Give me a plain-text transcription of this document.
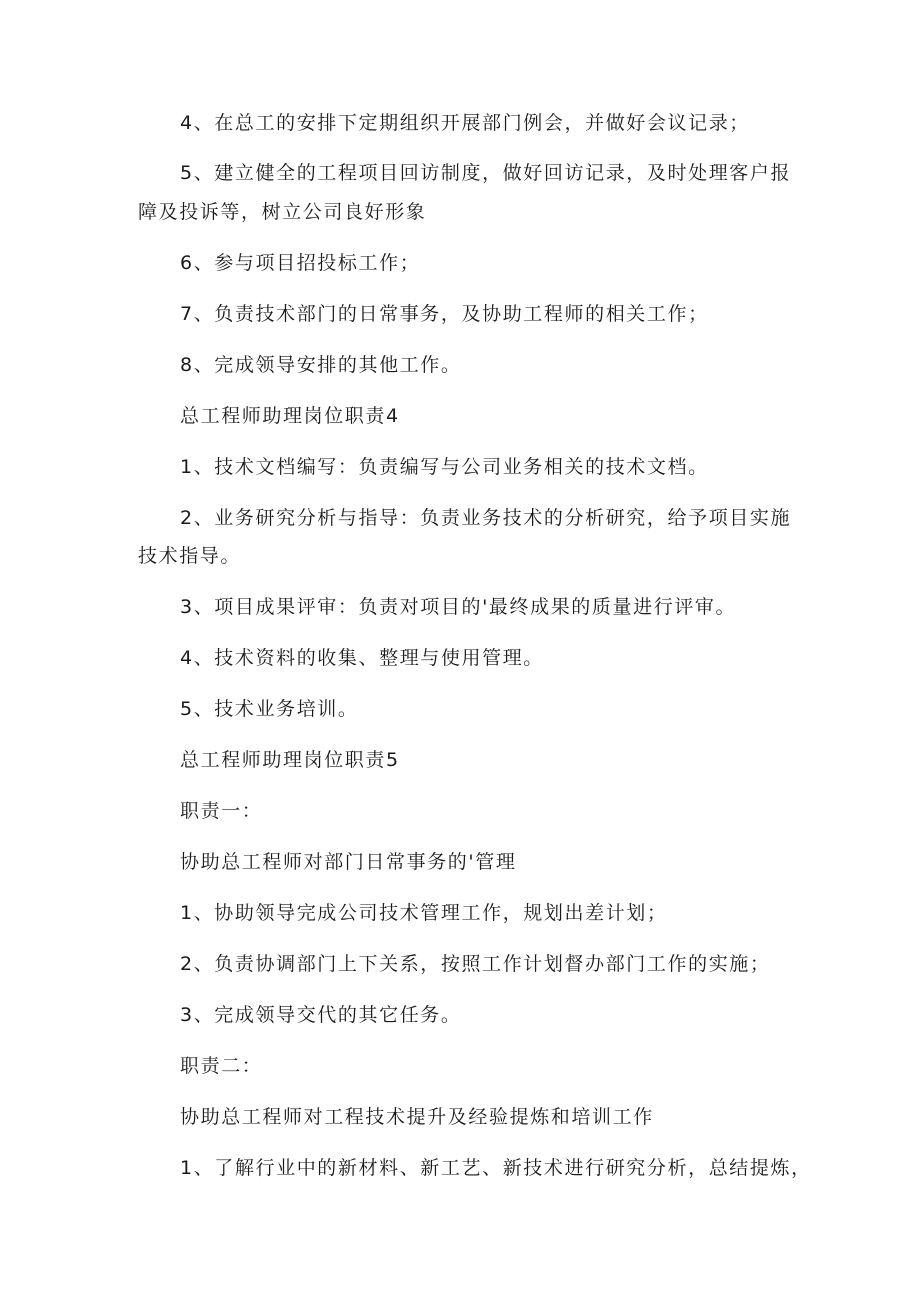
4、在总工的安排下定期组织开展部门例会，并做好会议记录；
5、建立健全的工程项目回访制度，做好回访记录，及时处理客户报
障及投诉等，树立公司良好形象
6、参与项目招投标工作；
7、负责技术部门的日常事务，及协助工程师的相关工作；
8、完成领导安排的其他工作。
总工程师助理岗位职责4
1、技术文档编写：负责编写与公司业务相关的技术文档。
2、业务研究分析与指导：负责业务技术的分析研究，给予项目实施
技术指导。
3、项目成果评审：负责对项目的'最终成果的质量进行评审。
4、技术资料的收集、整理与使用管理。
5、技术业务培训。
总工程师助理岗位职责5
职责一：
协助总工程师对部门日常事务的'管理
1、协助领导完成公司技术管理工作，规划出差计划；
2、负责协调部门上下关系，按照工作计划督办部门工作的实施；
3、完成领导交代的其它任务。
职责二：
协助总工程师对工程技术提升及经验提炼和培训工作
1、了解行业中的新材料、新工艺、新技术进行研究分析，总结提炼，
